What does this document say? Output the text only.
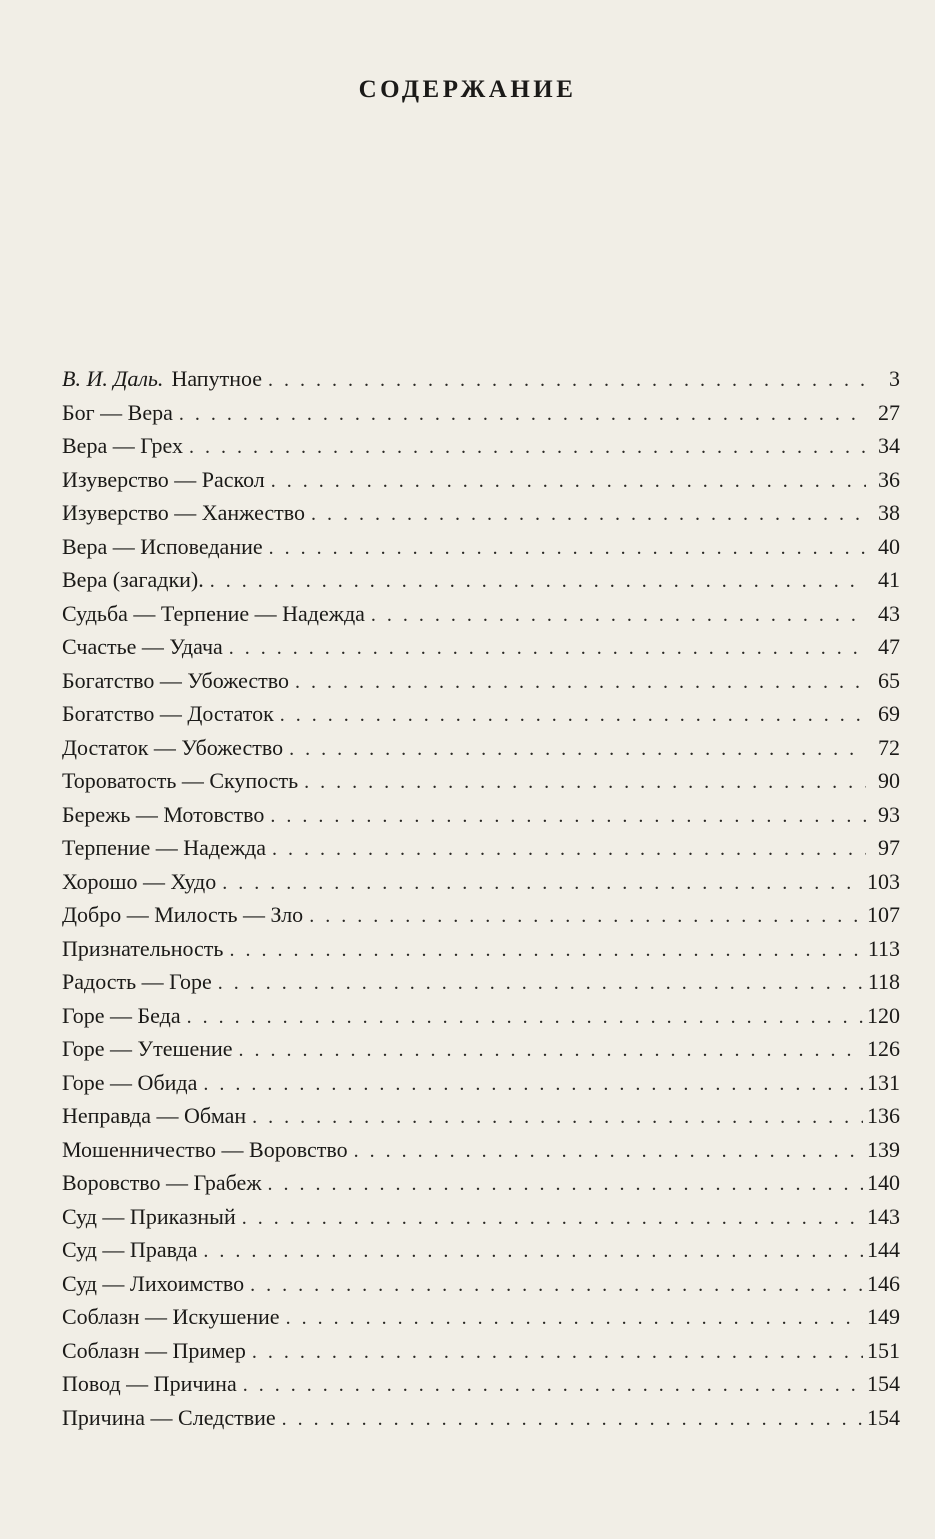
СОДЕРЖАНИЕ
В. И. Даль. Напутное . . .	3
Бог — Вера . . .	27
Вера — Грех . . .	34
Изуверство — Раскол . . .	36
Изуверство — Ханжество . . .	38
Вера — Исповедание . . .	40
Вера (загадки). . . .	41
Судьба — Терпение — Надежда . . .	43
Счастье — Удача . . .	47
Богатство — Убожество . . .	65
Богатство — Достаток . . .	69
Достаток — Убожество . . .	72
Тороватость — Скупость . . .	90
Бережь — Мотовство . . .	93
Терпение — Надежда . . .	97
Хорошо — Худо . . .	103
Добро — Милость — Зло . . .	107
Признательность . . .	113
Радость — Горе . . .	118
Горе — Беда . . .	120
Горе — Утешение . . .	126
Горе — Обида . . .	131
Неправда — Обман . . .	136
Мошенничество — Воровство . . .	139
Воровство — Грабеж . . .	140
Суд — Приказный . . .	143
Суд — Правда . . .	144
Суд — Лихоимство . . .	146
Соблазн — Искушение . . .	149
Соблазн — Пример . . .	151
Повод — Причина . . .	154
Причина — Следствие . . .	154
